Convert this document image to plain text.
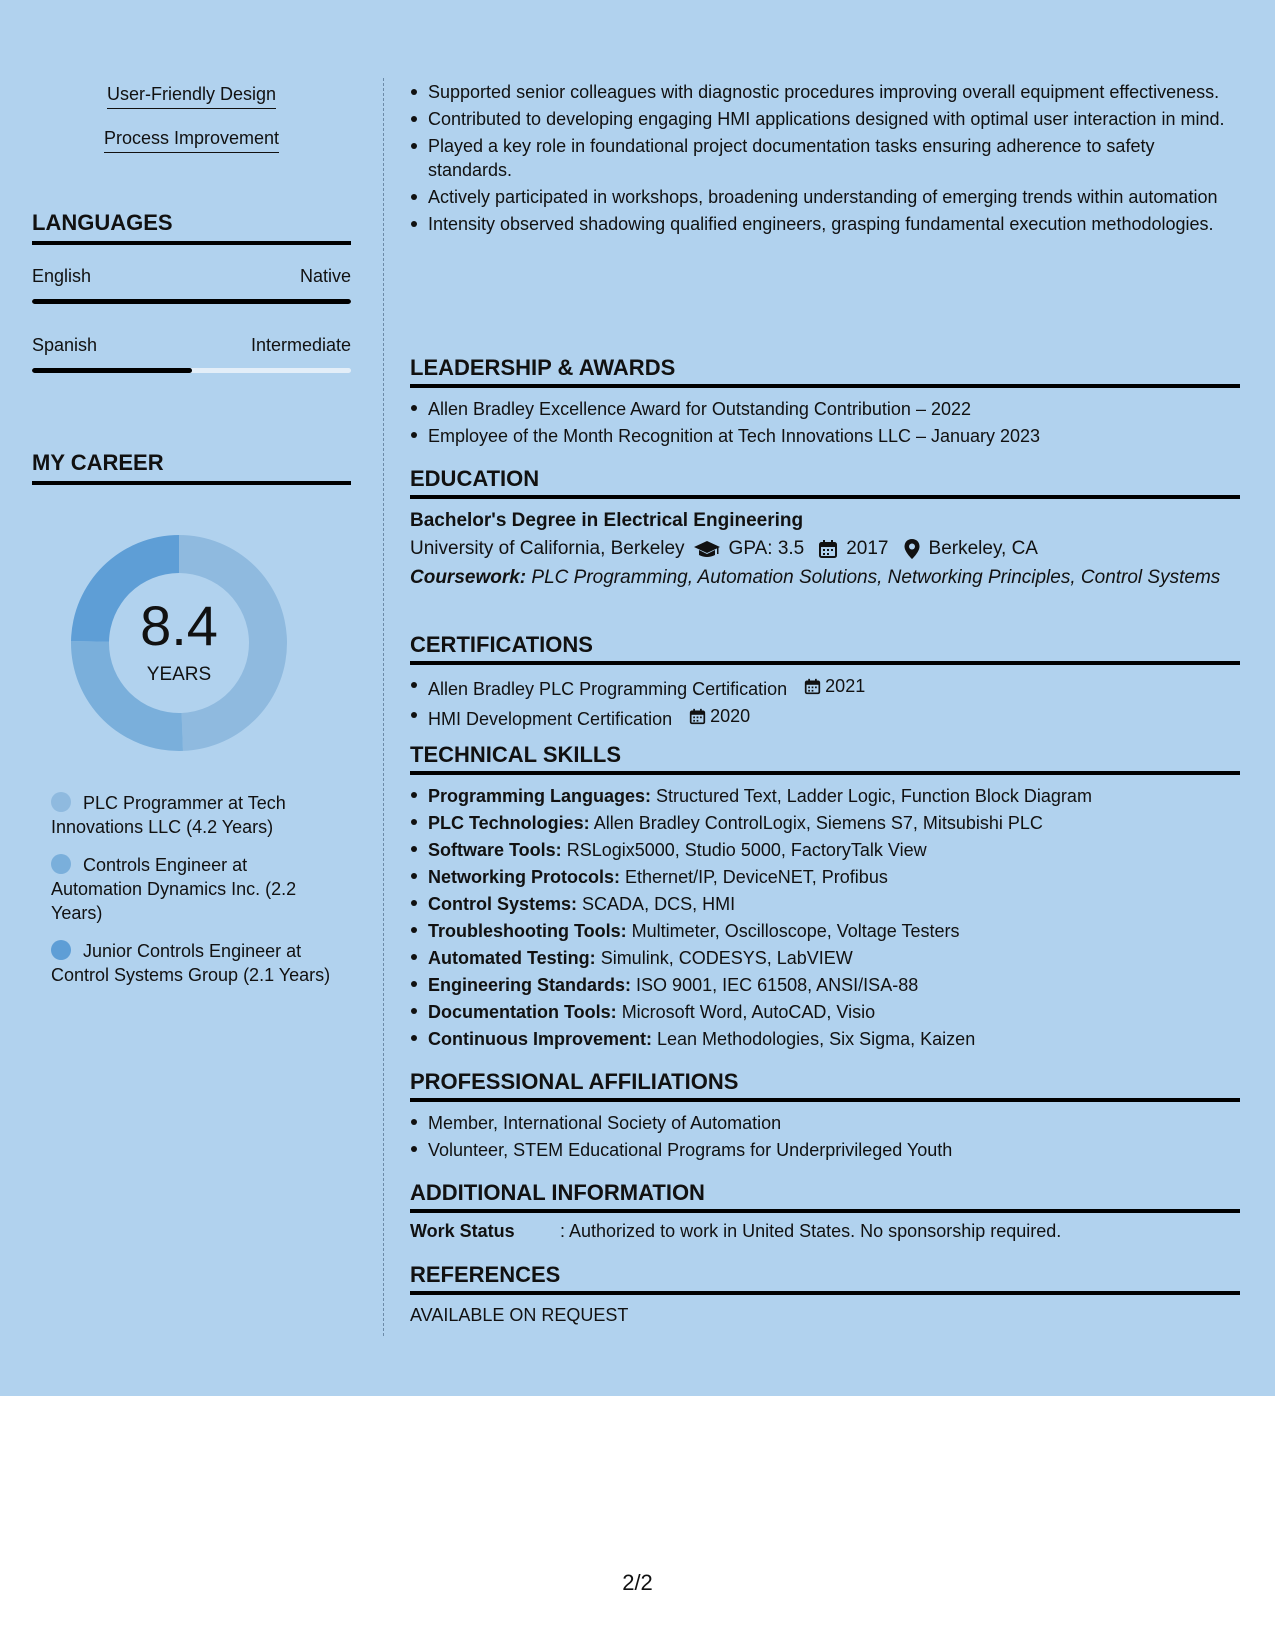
User-Friendly Design
Process Improvement
LANGUAGES
English	Native
Spanish	Intermediate
MY CAREER
8.4
YEARS
PLC Programmer at Tech Innovations LLC (4.2 Years)
Controls Engineer at Automation Dynamics Inc. (2.2 Years)
Junior Controls Engineer at Control Systems Group (2.1 Years)
Supported senior colleagues with diagnostic procedures improving overall equipment effectiveness.
Contributed to developing engaging HMI applications designed with optimal user interaction in mind.
Played a key role in foundational project documentation tasks ensuring adherence to safety standards.
Actively participated in workshops, broadening understanding of emerging trends within automation
Intensity observed shadowing qualified engineers, grasping fundamental execution methodologies.
LEADERSHIP & AWARDS
Allen Bradley Excellence Award for Outstanding Contribution – 2022
Employee of the Month Recognition at Tech Innovations LLC – January 2023
EDUCATION
Bachelor's Degree in Electrical Engineering
University of California, Berkeley GPA: 3.5 2017 Berkeley, CA
Coursework: PLC Programming, Automation Solutions, Networking Principles, Control Systems
CERTIFICATIONS
Allen Bradley PLC Programming Certification 2021
HMI Development Certification 2020
TECHNICAL SKILLS
Programming Languages: Structured Text, Ladder Logic, Function Block Diagram
PLC Technologies: Allen Bradley ControlLogix, Siemens S7, Mitsubishi PLC
Software Tools: RSLogix5000, Studio 5000, FactoryTalk View
Networking Protocols: Ethernet/IP, DeviceNET, Profibus
Control Systems: SCADA, DCS, HMI
Troubleshooting Tools: Multimeter, Oscilloscope, Voltage Testers
Automated Testing: Simulink, CODESYS, LabVIEW
Engineering Standards: ISO 9001, IEC 61508, ANSI/ISA-88
Documentation Tools: Microsoft Word, AutoCAD, Visio
Continuous Improvement: Lean Methodologies, Six Sigma, Kaizen
PROFESSIONAL AFFILIATIONS
Member, International Society of Automation
Volunteer, STEM Educational Programs for Underprivileged Youth
ADDITIONAL INFORMATION
Work Status	: Authorized to work in United States. No sponsorship required.
REFERENCES
AVAILABLE ON REQUEST
2/2
